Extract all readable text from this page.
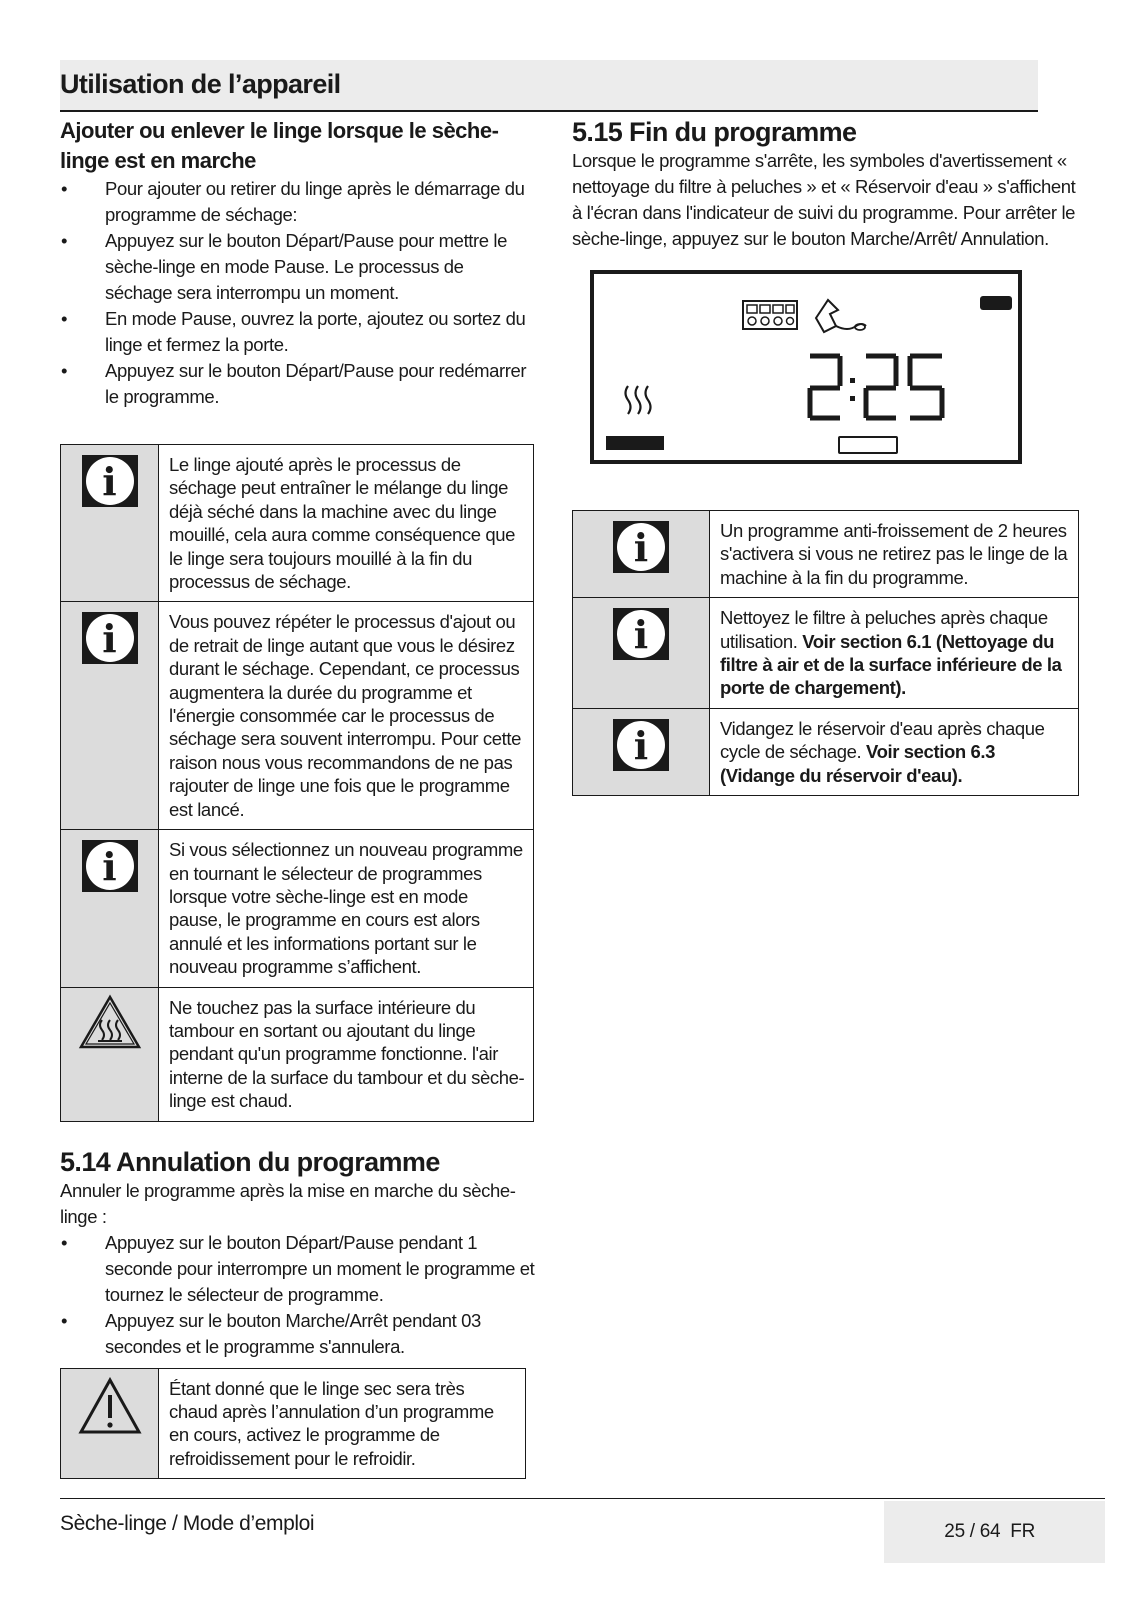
Utilisation de l’appareil
Ajouter ou enlever le linge lorsque le sèche-linge est en marche
• Pour ajouter ou retirer du linge après le démarrage du programme de séchage:
• Appuyez sur le bouton Départ/Pause pour mettre le sèche-linge en mode Pause. Le processus de séchage sera interrompu un moment.
• En mode Pause, ouvrez la porte, ajoutez ou sortez du linge et fermez la porte.
• Appuyez sur le bouton Départ/Pause pour redémarrer le programme.
i	Le linge ajouté après le processus de séchage peut entraîner le mélange du linge déjà séché dans la machine avec du linge mouillé, cela aura comme conséquence que le linge sera toujours mouillé à la fin du processus de séchage.

i	Vous pouvez répéter le processus d'ajout ou de retrait de linge autant que vous le désirez durant le séchage. Cependant, ce processus augmentera la durée du programme et l'énergie consommée car le processus de séchage sera souvent interrompu. Pour cette raison nous vous recommandons de ne pas rajouter de linge une fois que le programme est lancé.

i	Si vous sélectionnez un nouveau programme en tournant le sélecteur de programmes lorsque votre sèche-linge est en mode pause, le programme en cours est alors annulé et les informations portant sur le nouveau programme s’affichent.
	Ne touchez pas la surface intérieure du tambour en sortant ou ajoutant du linge pendant qu'un programme fonctionne. l'air interne de la surface du tambour et du sèche-linge est chaud.
5.14 Annulation du programme

Annuler le programme après la mise en marche du sèche-linge :

• Appuyez sur le bouton Départ/Pause pendant 1 seconde pour interrompre un moment le programme et tournez le sélecteur de programme.
• Appuyez sur le bouton Marche/Arrêt pendant 03 secondes et le programme s'annulera.
	Étant donné que le linge sec sera très chaud après l’annulation d’un programme en cours, activez le programme de refroidissement pour le refroidir.
5.15 Fin du programme

Lorsque le programme s'arrête, les symboles d'avertissement « nettoyage du filtre à peluches » et « Réservoir d'eau » s'affichent à l'écran dans l'indicateur de suivi du programme. Pour arrêter le sèche-linge, appuyez sur le bouton Marche/Arrêt/ Annulation.

i	Un programme anti-froissement de 2 heures s'activera si vous ne retirez pas le linge de la machine à la fin du programme.

i	Nettoyez le filtre à peluches après chaque utilisation. Voir section 6.1 (Nettoyage du filtre à air et de la surface inférieure de la porte de chargement).

i	Vidangez le réservoir d'eau après chaque cycle de séchage. Voir section 6.3 (Vidange du réservoir d'eau).
Sèche-linge / Mode d’emploi	25 / 64  FR
